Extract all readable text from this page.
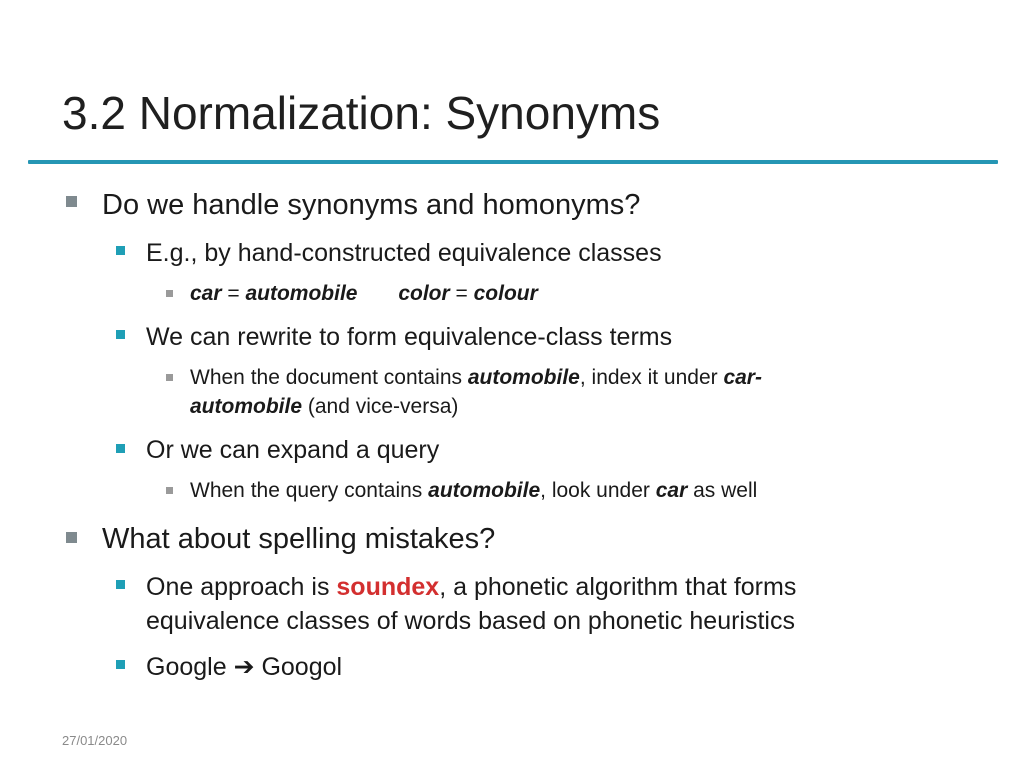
3.2 Normalization: Synonyms
Do we handle synonyms and homonyms?
E.g., by hand-constructed equivalence classes
car = automobile color = colour
We can rewrite to form equivalence-class terms
When the document contains automobile, index it under car-
automobile (and vice-versa)
Or we can expand a query
When the query contains automobile, look under car as well
What about spelling mistakes?
One approach is soundex, a phonetic algorithm that forms
equivalence classes of words based on phonetic heuristics
Google ➔ Googol
27/01/2020
